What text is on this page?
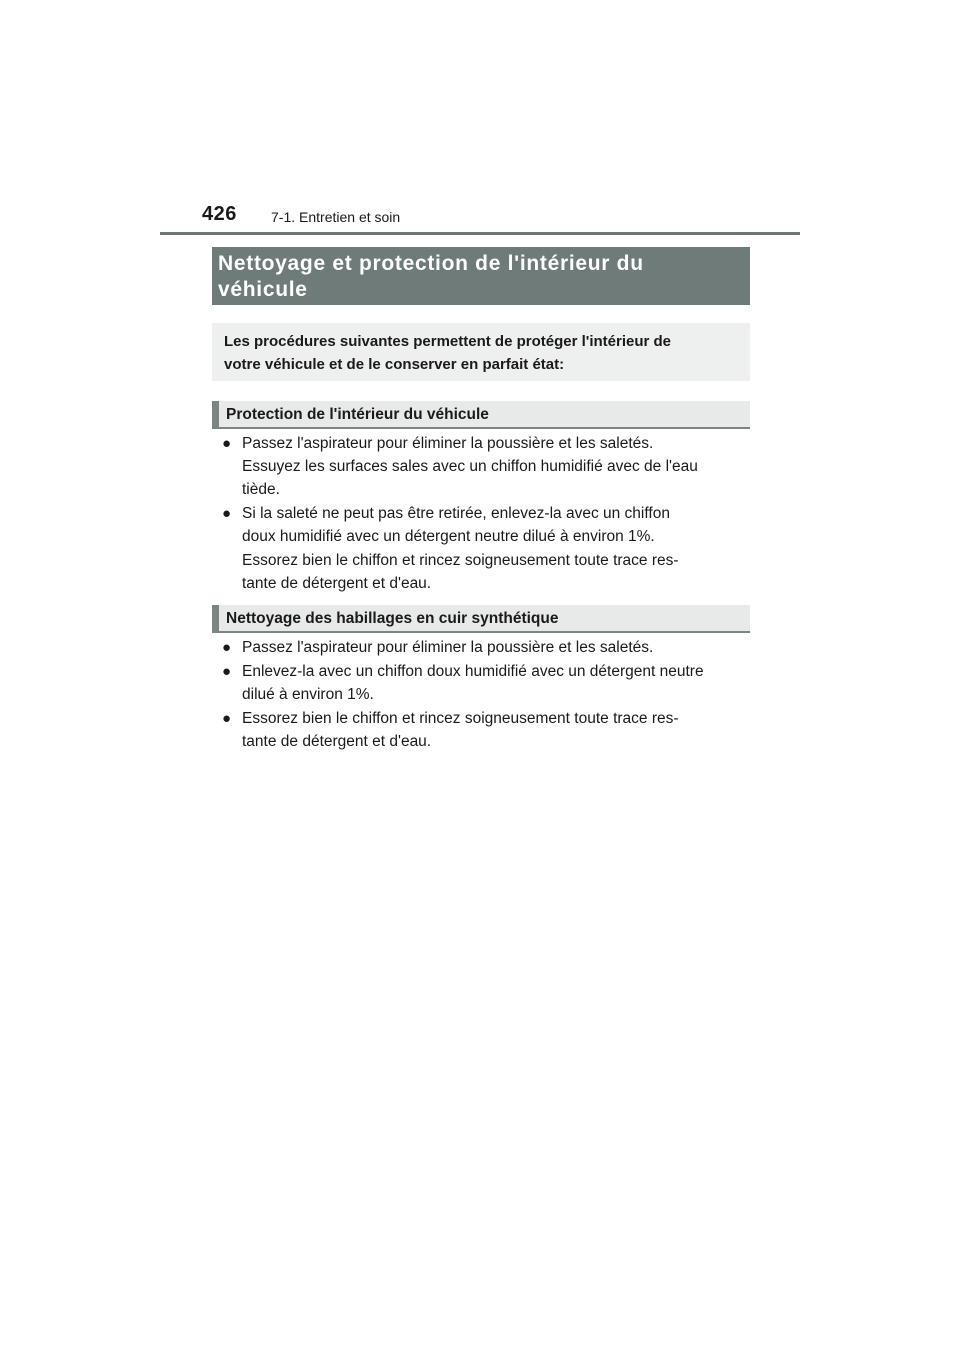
426 7-1. Entretien et soin
Nettoyage et protection de l'intérieur du
véhicule
Les procédures suivantes permettent de protéger l'intérieur de
votre véhicule et de le conserver en parfait état:
Protection de l'intérieur du véhicule
● Passez l'aspirateur pour éliminer la poussière et les saletés.
Essuyez les surfaces sales avec un chiffon humidifié avec de l'eau
tiède.
● Si la saleté ne peut pas être retirée, enlevez-la avec un chiffon
doux humidifié avec un détergent neutre dilué à environ 1%.
Essorez bien le chiffon et rincez soigneusement toute trace res-
tante de détergent et d'eau.
Nettoyage des habillages en cuir synthétique
● Passez l'aspirateur pour éliminer la poussière et les saletés.
● Enlevez-la avec un chiffon doux humidifié avec un détergent neutre
dilué à environ 1%.
● Essorez bien le chiffon et rincez soigneusement toute trace res-
tante de détergent et d'eau.
